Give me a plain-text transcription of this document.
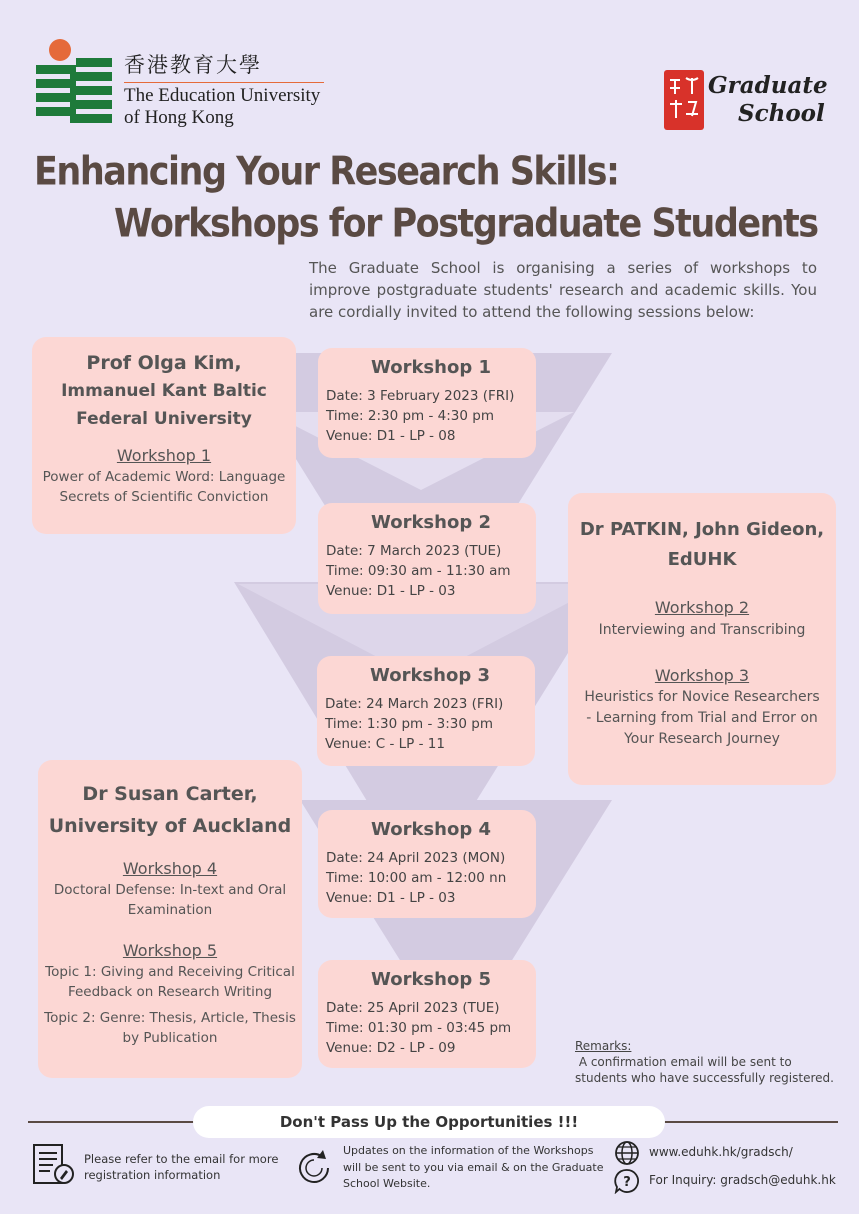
香港教育大學
The Education University
of Hong Kong
Graduate
School
Enhancing Your Research Skills:
Workshops for Postgraduate Students
The Graduate School is organising a series of workshops to improve postgraduate students' research and academic skills. You are cordially invited to attend the following sessions below:
Prof Olga Kim,
Immanuel Kant Baltic
Federal University
Workshop 1
Power of Academic Word: Language
Secrets of Scientific Conviction
Dr PATKIN, John Gideon,
EdUHK
Workshop 2
Interviewing and Transcribing
Workshop 3
Heuristics for Novice Researchers
- Learning from Trial and Error on
Your Research Journey
Dr Susan Carter,
University of Auckland
Workshop 4
Doctoral Defense: In-text and Oral
Examination
Workshop 5
Topic 1: Giving and Receiving Critical
Feedback on Research Writing
Topic 2: Genre: Thesis, Article, Thesis
by Publication
Workshop 1
Date: 3 February 2023 (FRI)
Time: 2:30 pm - 4:30 pm
Venue: D1 - LP - 08
Workshop 2
Date: 7 March 2023 (TUE)
Time: 09:30 am - 11:30 am
Venue: D1 - LP - 03
Workshop 3
Date: 24 March 2023 (FRI)
Time: 1:30 pm - 3:30 pm
Venue: C - LP - 11
Workshop 4
Date: 24 April 2023 (MON)
Time: 10:00 am - 12:00 nn
Venue: D1 - LP - 03
Workshop 5
Date: 25 April 2023 (TUE)
Time: 01:30 pm - 03:45 pm
Venue: D2 - LP - 09	Remarks:
A confirmation email will be sent to
students who have successfully registered.
Don't Pass Up the Opportunities !!!
Please refer to the email for more
registration information
Updates on the information of the Workshops
will be sent to you via email & on the Graduate
School Website.
www.eduhk.hk/gradsch/
? For Inquiry: gradsch@eduhk.hk
